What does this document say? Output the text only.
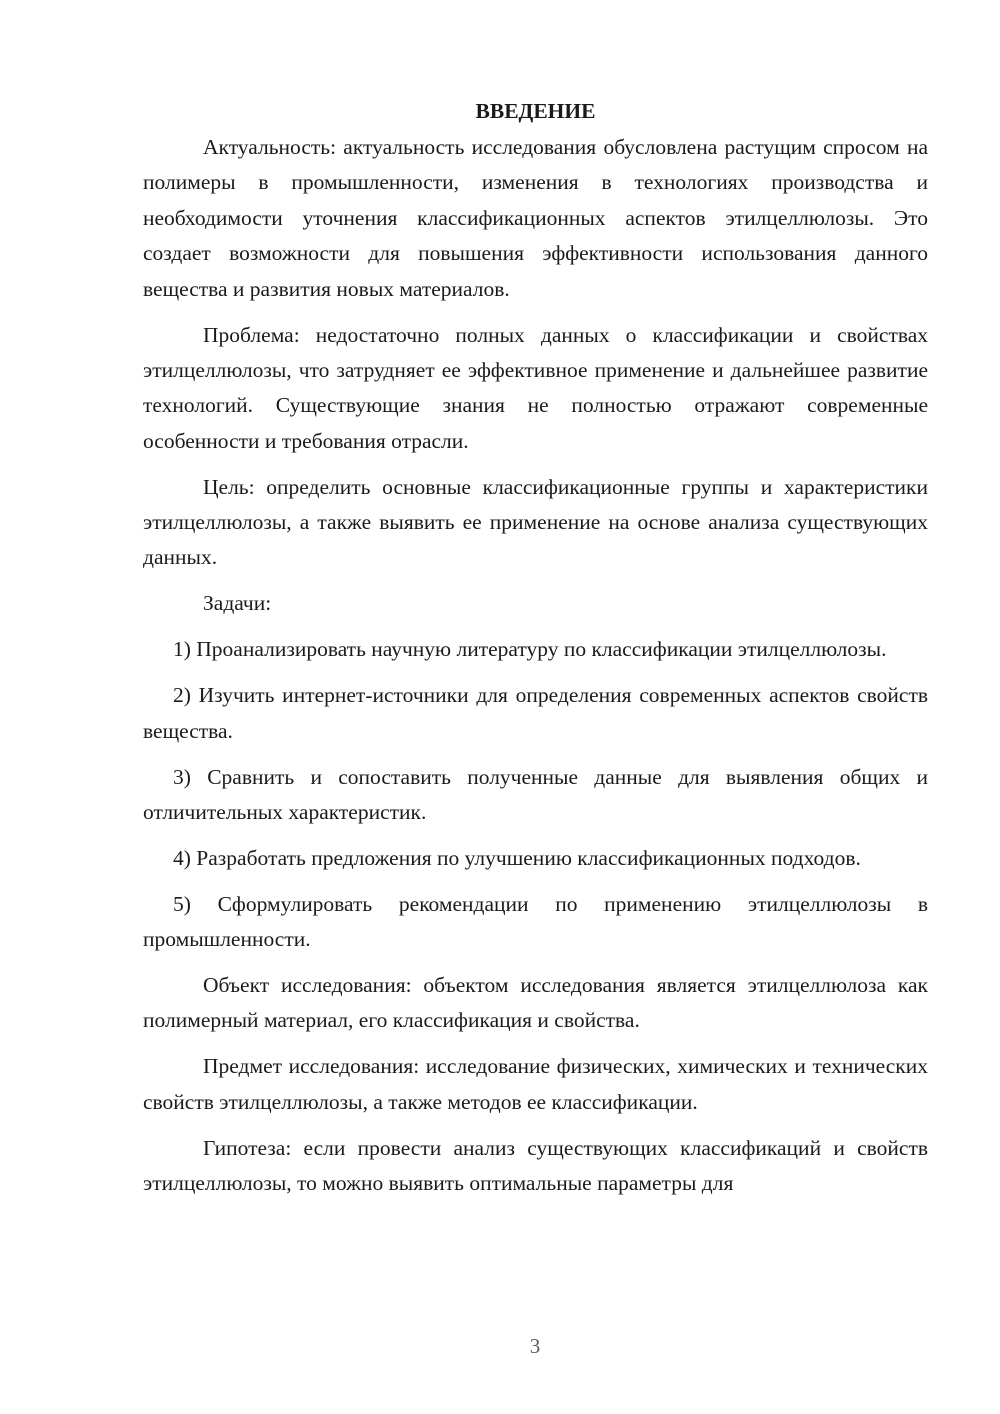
ВВЕДЕНИЕ

Актуальность: актуальность исследования обусловлена растущим спросом на полимеры в промышленности, изменения в технологиях производства и необходимости уточнения классификационных аспектов этилцеллюлозы. Это создает возможности для повышения эффективности использования данного вещества и развития новых материалов.

Проблема: недостаточно полных данных о классификации и свойствах этилцеллюлозы, что затрудняет ее эффективное применение и дальнейшее развитие технологий. Существующие знания не полностью отражают современные особенности и требования отрасли.

Цель: определить основные классификационные группы и характеристики этилцеллюлозы, а также выявить ее применение на основе анализа существующих данных.

Задачи:

1) Проанализировать научную литературу по классификации этилцеллюлозы.

2) Изучить интернет-источники для определения современных аспектов свойств вещества.

3) Сравнить и сопоставить полученные данные для выявления общих и отличительных характеристик.

4) Разработать предложения по улучшению классификационных подходов.

5) Сформулировать рекомендации по применению этилцеллюлозы в промышленности.

Объект исследования: объектом исследования является этилцеллюлоза как полимерный материал, его классификация и свойства.

Предмет исследования: исследование физических, химических и технических свойств этилцеллюлозы, а также методов ее классификации.

Гипотеза: если провести анализ существующих классификаций и свойств этилцеллюлозы, то можно выявить оптимальные параметры для

3
